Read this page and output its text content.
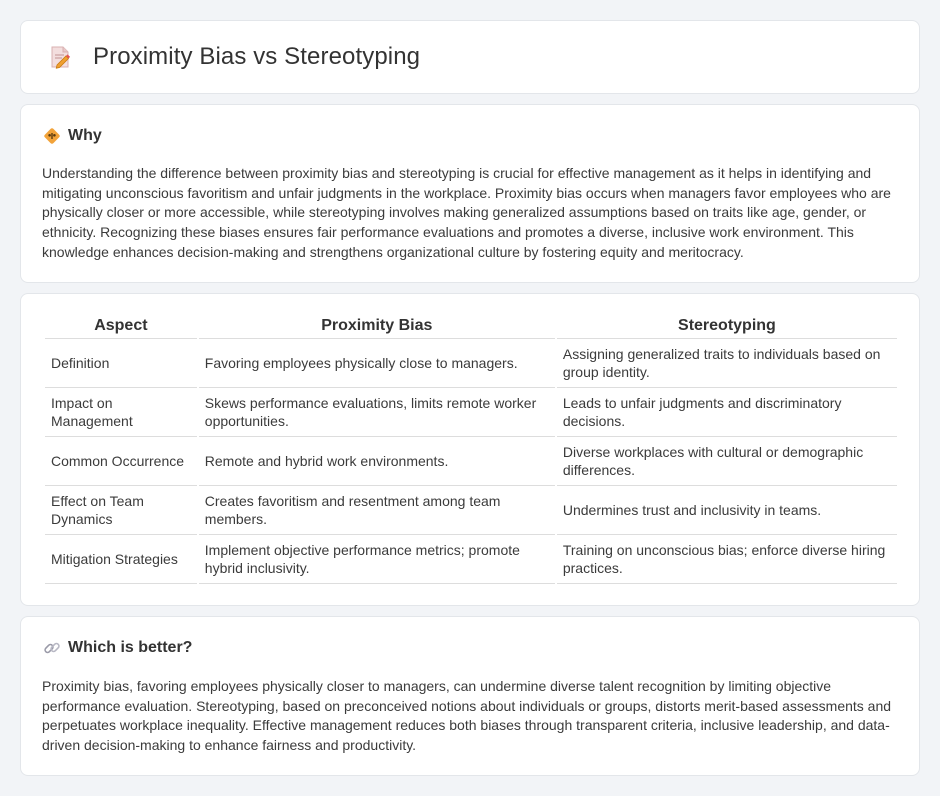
Proximity Bias vs Stereotyping
Why

Understanding the difference between proximity bias and stereotyping is crucial for effective management as it helps in identifying and mitigating unconscious favoritism and unfair judgments in the workplace. Proximity bias occurs when managers favor employees who are physically closer or more accessible, while stereotyping involves making generalized assumptions based on traits like age, gender, or ethnicity. Recognizing these biases ensures fair performance evaluations and promotes a diverse, inclusive work environment. This knowledge enhances decision-making and strengthens organizational culture by fostering equity and meritocracy.

Aspect	Proximity Bias	Stereotyping
Definition	Favoring employees physically close to managers.	Assigning generalized traits to individuals based on group identity.
Impact on Management	Skews performance evaluations, limits remote worker opportunities.	Leads to unfair judgments and discriminatory decisions.
Common Occurrence	Remote and hybrid work environments.	Diverse workplaces with cultural or demographic differences.
Effect on Team Dynamics	Creates favoritism and resentment among team members.	Undermines trust and inclusivity in teams.
Mitigation Strategies	Implement objective performance metrics; promote hybrid inclusivity.	Training on unconscious bias; enforce diverse hiring practices.
Which is better?

Proximity bias, favoring employees physically closer to managers, can undermine diverse talent recognition by limiting objective performance evaluation. Stereotyping, based on preconceived notions about individuals or groups, distorts merit-based assessments and perpetuates workplace inequality. Effective management reduces both biases through transparent criteria, inclusive leadership, and data-driven decision-making to enhance fairness and productivity.
